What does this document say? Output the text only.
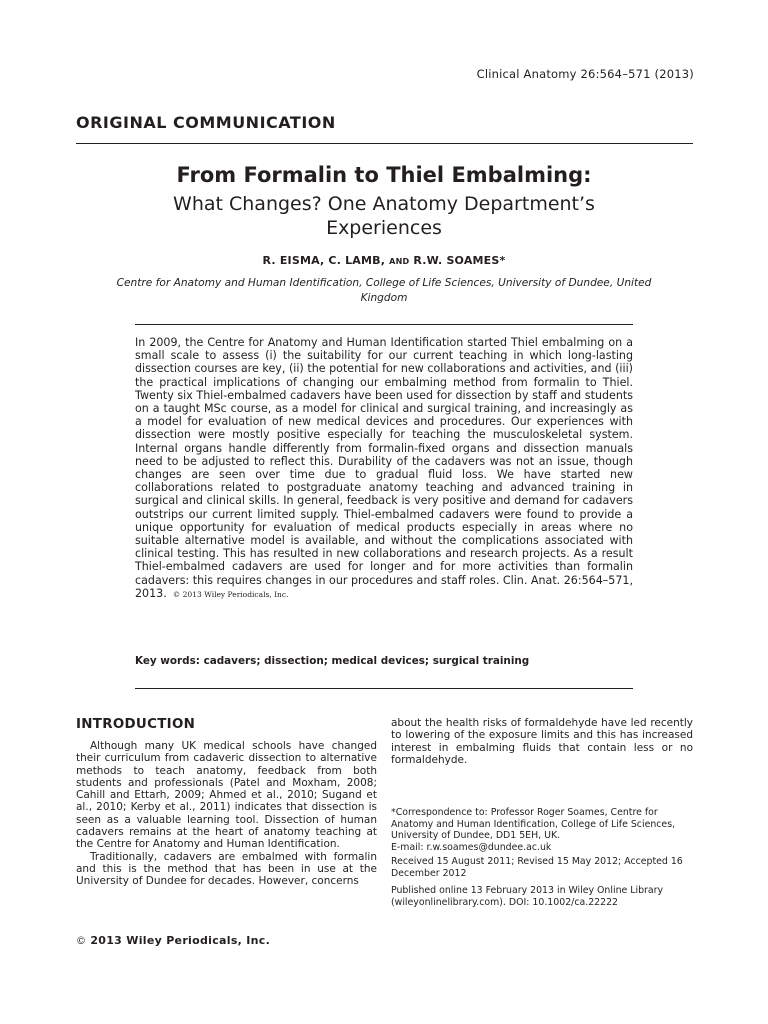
Clinical Anatomy 26:564–571 (2013)
ORIGINAL COMMUNICATION
From Formalin to Thiel Embalming:
What Changes? One Anatomy Department’s Experiences
R. EISMA, C. LAMB, AND R.W. SOAMES*
Centre for Anatomy and Human Identification, College of Life Sciences, University of Dundee, United Kingdom
In 2009, the Centre for Anatomy and Human Identification started Thiel embalming on a small scale to assess (i) the suitability for our current teaching in which long-lasting dissection courses are key, (ii) the potential for new collaborations and activities, and (iii) the practical implications of changing our embalming method from formalin to Thiel. Twenty six Thiel-embalmed cadavers have been used for dissection by staff and students on a taught MSc course, as a model for clinical and surgical training, and increasingly as a model for evaluation of new medical devices and procedures. Our experiences with dissection were mostly positive especially for teaching the musculoskeletal system. Internal organs handle differently from formalin-fixed organs and dissection manuals need to be adjusted to reflect this. Durability of the cadavers was not an issue, though changes are seen over time due to gradual fluid loss. We have started new collaborations related to postgraduate anatomy teaching and advanced training in surgical and clinical skills. In general, feedback is very positive and demand for cadavers outstrips our current limited supply. Thiel-embalmed cadavers were found to provide a unique opportunity for evaluation of medical products especially in areas where no suitable alternative model is available, and without the complications associated with clinical testing. This has resulted in new collaborations and research projects. As a result Thiel-embalmed cadavers are used for longer and for more activities than formalin cadavers: this requires changes in our procedures and staff roles. Clin. Anat. 26:564–571, 2013. © 2013 Wiley Periodicals, Inc.
Key words: cadavers; dissection; medical devices; surgical training
INTRODUCTION

Although many UK medical schools have changed their curriculum from cadaveric dissection to alternative methods to teach anatomy, feedback from both students and professionals (Patel and Moxham, 2008; Cahill and Ettarh, 2009; Ahmed et al., 2010; Sugand et al., 2010; Kerby et al., 2011) indicates that dissection is seen as a valuable learning tool. Dissection of human cadavers remains at the heart of anatomy teaching at the Centre for Anatomy and Human Identification.

Traditionally, cadavers are embalmed with formalin and this is the method that has been in use at the University of Dundee for decades. However, concerns

about the health risks of formaldehyde have led recently to lowering of the exposure limits and this has increased interest in embalming fluids that contain less or no formaldehyde.

*Correspondence to: Professor Roger Soames, Centre for Anatomy and Human Identification, College of Life Sciences, University of Dundee, DD1 5EH, UK.
E-mail: r.w.soames@dundee.ac.uk
Received 15 August 2011; Revised 15 May 2012; Accepted 16 December 2012
Published online 13 February 2013 in Wiley Online Library (wileyonlinelibrary.com). DOI: 10.1002/ca.22222
© 2013 Wiley Periodicals, Inc.
